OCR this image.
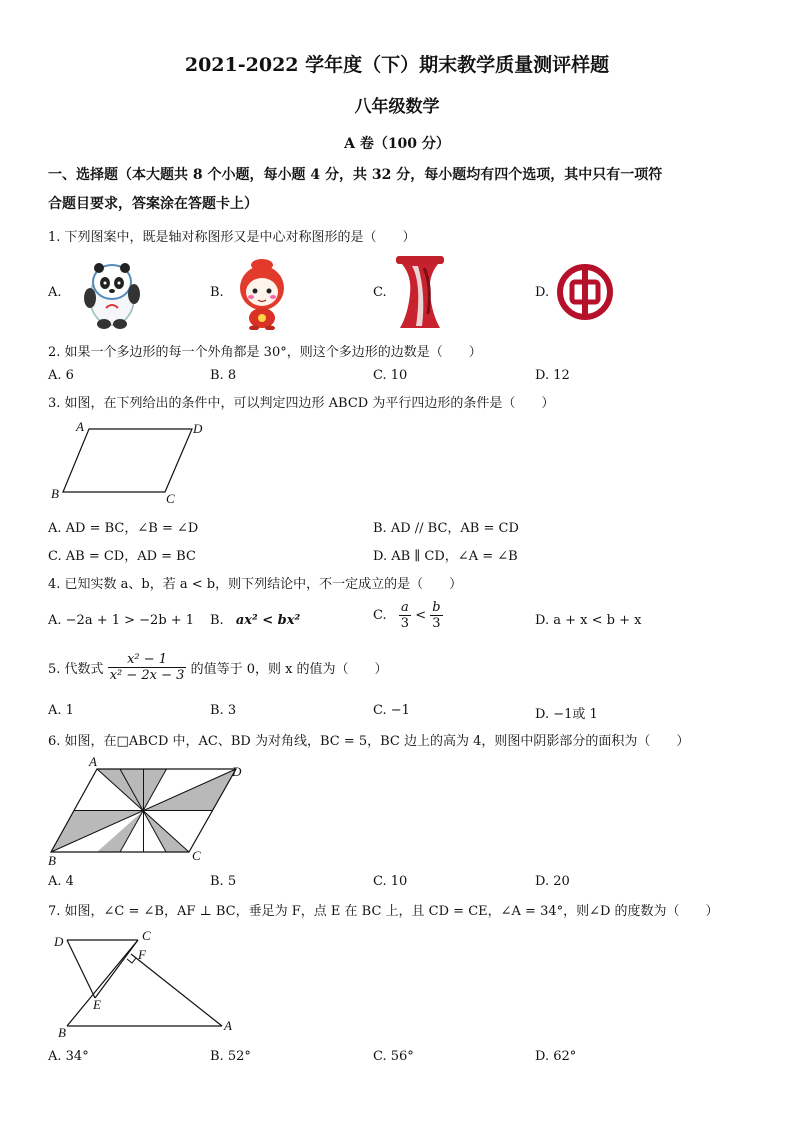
2021-2022 学年度（下）期末教学质量测评样题
八年级数学
A 卷（100 分）
一、选择题（本大题共 8 个小题，每小题 4 分，共 32 分，每小题均有四个选项，其中只有一项符
合题目要求，答案涂在答题卡上）
1. 下列图案中，既是轴对称图形又是中心对称图形的是（　　）
A.	B.	C.	D.
2. 如果一个多边形的每一个外角都是 30°，则这个多边形的边数是（　　）
A. 6	B. 8	C. 10	D. 12
3. 如图，在下列给出的条件中，可以判定四边形 ABCD 为平行四边形的条件是（　　）
A	D
B	C
A. AD = BC，∠B = ∠D	B. AD // BC，AB = CD
C. AB = CD，AD = BC	D. AB ∥ CD，∠A = ∠B
4. 已知实数 a、b，若 a < b，则下列结论中，不一定成立的是（　　）
A. −2a + 1 > −2b + 1 B. ax² < bx²	C. $\frac{a}{3} < \frac{b}{3}$	D. a + x < b + x
5. 代数式 $\frac{\text{x² − 1}}{\text{x² − 2x − 3}}$ 的值等于 0，则 x 的值为（　　）
A. 1	B. 3	C. −1	D. −1或 1
6. 如图，在□ABCD 中，AC、BD 为对角线，BC = 5，BC 边上的高为 4，则图中阴影部分的面积为（　　）
A
D
B	C
A. 4	B. 5	C. 10	D. 20
7. 如图，∠C = ∠B，AF ⊥ BC，垂足为 F，点 E 在 BC 上，且 CD = CE，∠A = 34°，则∠D 的度数为（　　）
D	C
F
E
B	A
A. 34°	B. 52°	C. 56°	D. 62°
